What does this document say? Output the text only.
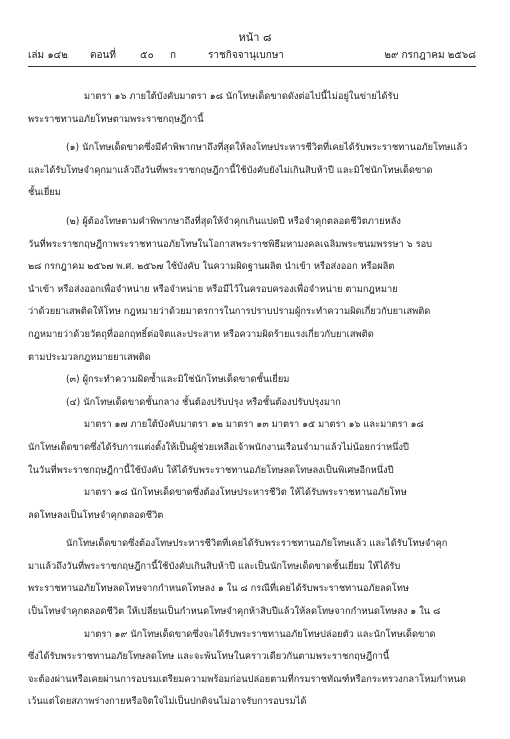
หน้า ๘
เล่ม ๑๔๒ ตอนที่ ๕๐ ก	ราชกิจจานุเบกษา	๒๙ กรกฎาคม ๒๕๖๘

มาตรา ๑๖ ภายใต้บังคับมาตรา ๑๘ นักโทษเด็ดขาดดังต่อไปนี้ไม่อยู่ในข่ายได้รับ

พระราชทานอภัยโทษตามพระราชกฤษฎีกานี้

(๑) นักโทษเด็ดขาดซึ่งมีคำพิพากษาถึงที่สุดให้ลงโทษประหารชีวิตที่เคยได้รับพระราชทานอภัยโทษแล้ว

และได้รับโทษจำคุกมาแล้วถึงวันที่พระราชกฤษฎีกานี้ใช้บังคับยังไม่เกินสิบห้าปี และมิใช่นักโทษเด็ดขาด

ชั้นเยี่ยม

(๒) ผู้ต้องโทษตามคำพิพากษาถึงที่สุดให้จำคุกเกินแปดปี หรือจำคุกตลอดชีวิตภายหลัง

วันที่พระราชกฤษฎีกาพระราชทานอภัยโทษในโอกาสพระราชพิธีมหามงคลเฉลิมพระชนมพรรษา ๖ รอบ

๒๘ กรกฎาคม ๒๕๖๗ พ.ศ. ๒๕๖๗ ใช้บังคับ ในความผิดฐานผลิต นำเข้า หรือส่งออก หรือผลิต

นำเข้า หรือส่งออกเพื่อจำหน่าย หรือจำหน่าย หรือมีไว้ในครอบครองเพื่อจำหน่าย ตามกฎหมาย

ว่าด้วยยาเสพติดให้โทษ กฎหมายว่าด้วยมาตรการในการปราบปรามผู้กระทำความผิดเกี่ยวกับยาเสพติด

กฎหมายว่าด้วยวัตถุที่ออกฤทธิ์ต่อจิตและประสาท หรือความผิดร้ายแรงเกี่ยวกับยาเสพติด

ตามประมวลกฎหมายยาเสพติด

(๓) ผู้กระทำความผิดซ้ำและมิใช่นักโทษเด็ดขาดชั้นเยี่ยม

(๔) นักโทษเด็ดขาดชั้นกลาง ชั้นต้องปรับปรุง หรือชั้นต้องปรับปรุงมาก

มาตรา ๑๗ ภายใต้บังคับมาตรา ๑๒ มาตรา ๑๓ มาตรา ๑๕ มาตรา ๑๖ และมาตรา ๑๘

นักโทษเด็ดขาดซึ่งได้รับการแต่งตั้งให้เป็นผู้ช่วยเหลือเจ้าพนักงานเรือนจำมาแล้วไม่น้อยกว่าหนึ่งปี

ในวันที่พระราชกฤษฎีกานี้ใช้บังคับ ให้ได้รับพระราชทานอภัยโทษลดโทษลงเป็นพิเศษอีกหนึ่งปี

มาตรา ๑๘ นักโทษเด็ดขาดซึ่งต้องโทษประหารชีวิต ให้ได้รับพระราชทานอภัยโทษ

ลดโทษลงเป็นโทษจำคุกตลอดชีวิต

นักโทษเด็ดขาดซึ่งต้องโทษประหารชีวิตที่เคยได้รับพระราชทานอภัยโทษแล้ว และได้รับโทษจำคุก

มาแล้วถึงวันที่พระราชกฤษฎีกานี้ใช้บังคับเกินสิบห้าปี และเป็นนักโทษเด็ดขาดชั้นเยี่ยม ให้ได้รับ

พระราชทานอภัยโทษลดโทษจากกำหนดโทษลง ๑ ใน ๘ กรณีที่เคยได้รับพระราชทานอภัยลดโทษ

เป็นโทษจำคุกตลอดชีวิต ให้เปลี่ยนเป็นกำหนดโทษจำคุกห้าสิบปีแล้วให้ลดโทษจากกำหนดโทษลง ๑ ใน ๘

มาตรา ๑๙ นักโทษเด็ดขาดซึ่งจะได้รับพระราชทานอภัยโทษปล่อยตัว และนักโทษเด็ดขาด

ซึ่งได้รับพระราชทานอภัยโทษลดโทษ และจะพ้นโทษในคราวเดียวกันตามพระราชกฤษฎีกานี้

จะต้องผ่านหรือเคยผ่านการอบรมเตรียมความพร้อมก่อนปล่อยตามที่กรมราชทัณฑ์หรือกระทรวงกลาโหมกำหนด

เว้นแต่โดยสภาพร่างกายหรือจิตใจไม่เป็นปกติจนไม่อาจรับการอบรมได้
